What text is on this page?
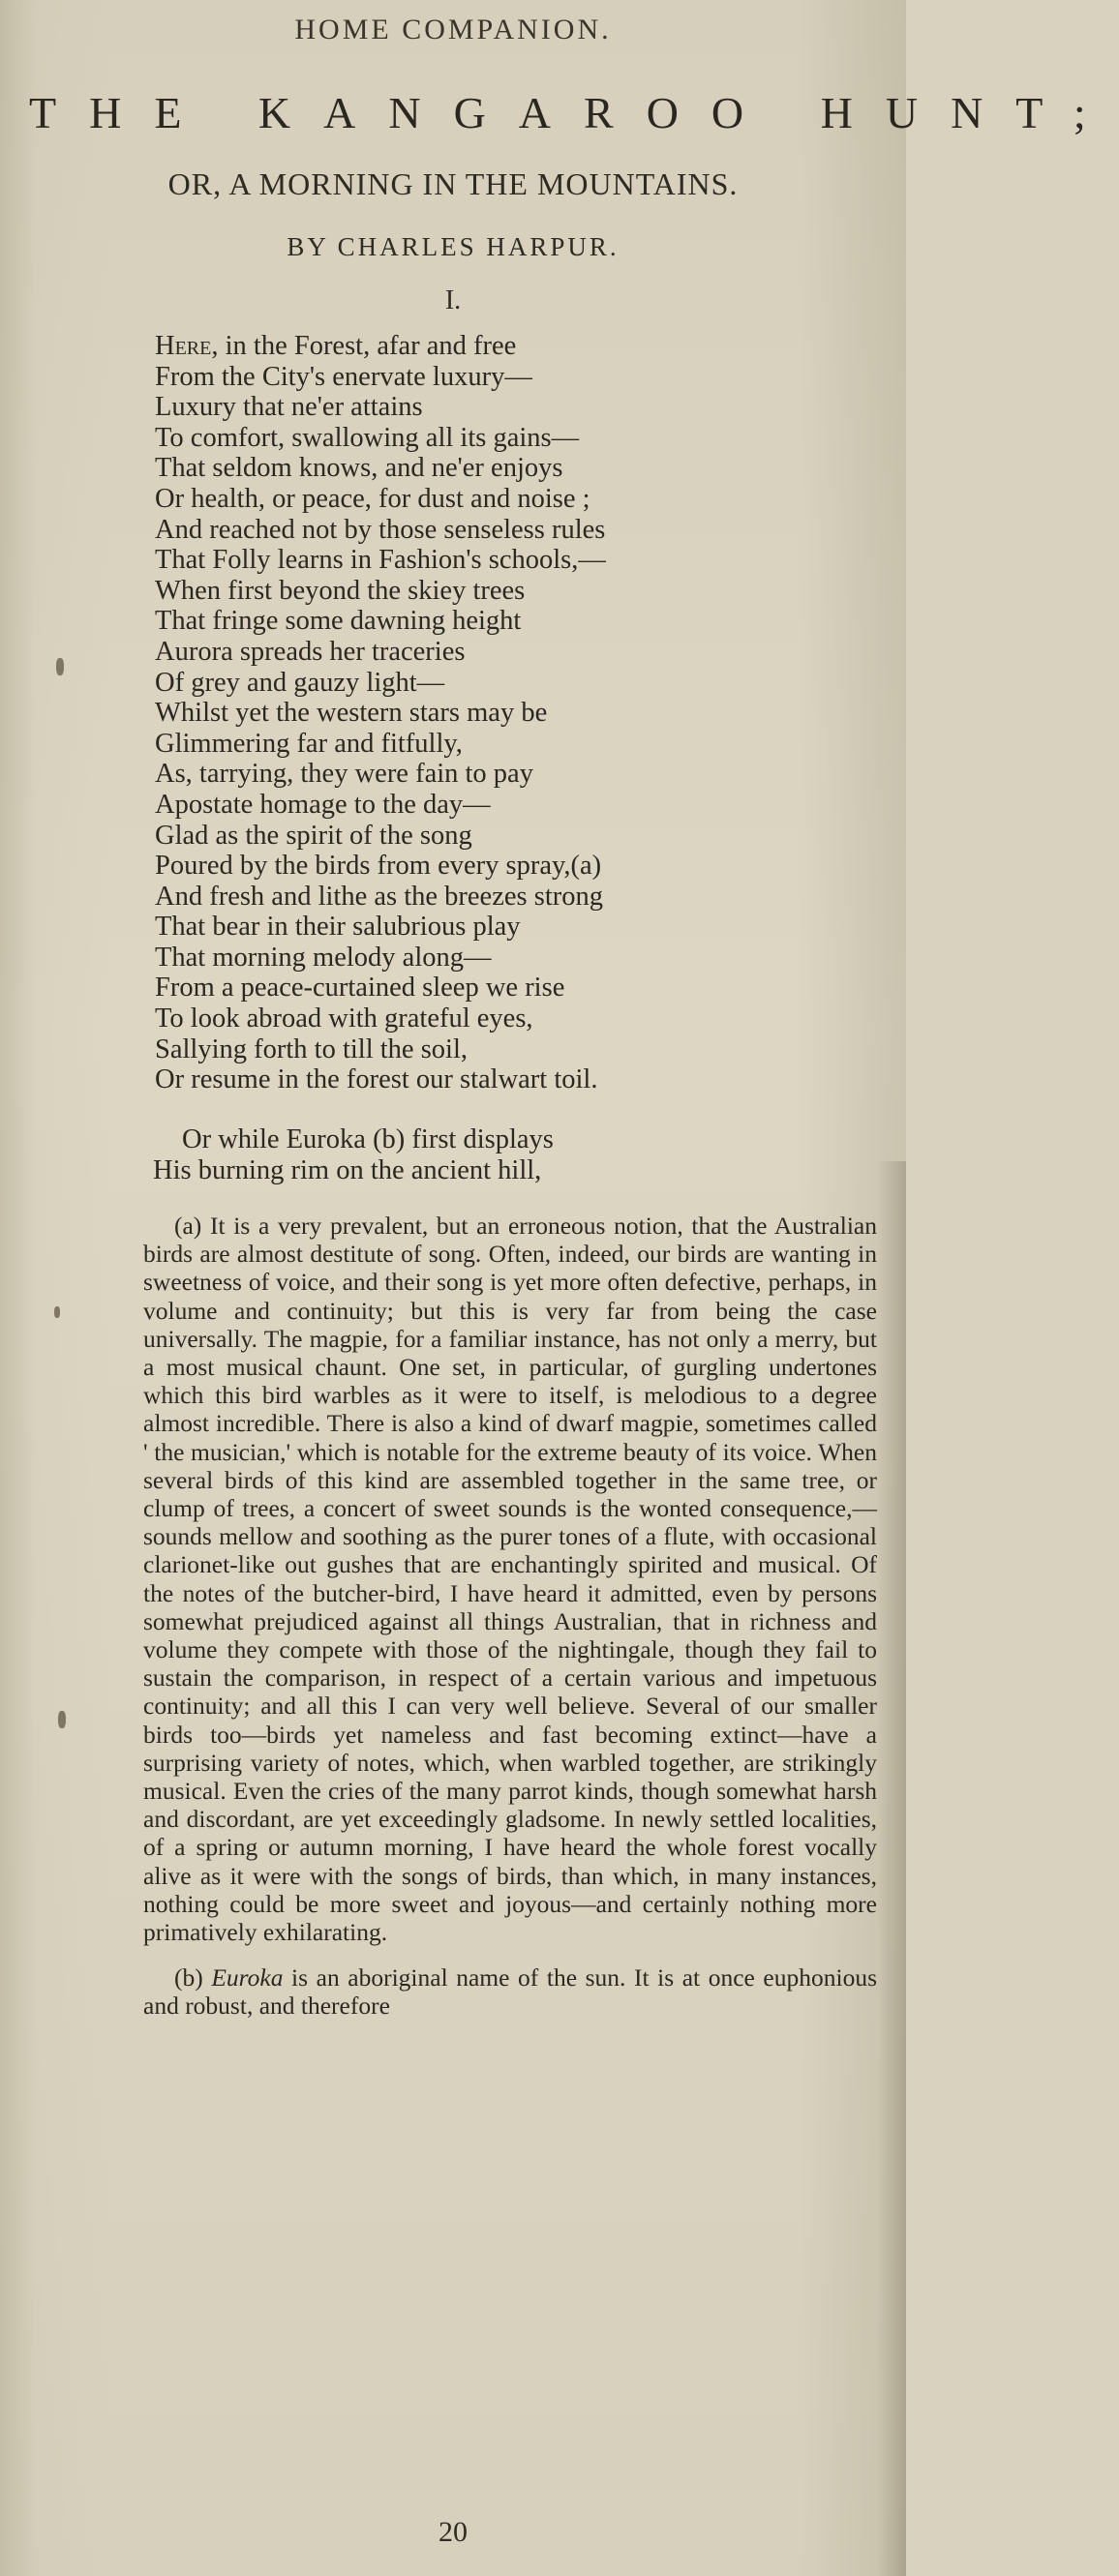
HOME COMPANION.
THE KANGAROO HUNT;
OR, A MORNING IN THE MOUNTAINS.
BY CHARLES HARPUR.
I.
Here, in the Forest, afar and free
From the City's enervate luxury—
Luxury that ne'er attains
To comfort, swallowing all its gains—
That seldom knows, and ne'er enjoys
Or health, or peace, for dust and noise ;
And reached not by those senseless rules
That Folly learns in Fashion's schools,—
When first beyond the skiey trees
That fringe some dawning height
Aurora spreads her traceries
Of grey and gauzy light—
Whilst yet the western stars may be
Glimmering far and fitfully,
As, tarrying, they were fain to pay
Apostate homage to the day—
Glad as the spirit of the song
Poured by the birds from every spray,(a)
And fresh and lithe as the breezes strong
That bear in their salubrious play
That morning melody along—
From a peace-curtained sleep we rise
To look abroad with grateful eyes,
Sallying forth to till the soil,
Or resume in the forest our stalwart toil.
Or while Euroka (b) first displays
His burning rim on the ancient hill,

(a) It is a very prevalent, but an erroneous notion, that the Australian birds are almost destitute of song. Often, indeed, our birds are wanting in sweetness of voice, and their song is yet more often defective, perhaps, in volume and continuity; but this is very far from being the case universally. The magpie, for a familiar instance, has not only a merry, but a most musical chaunt. One set, in particular, of gurgling undertones which this bird warbles as it were to itself, is melodious to a degree almost incredible. There is also a kind of dwarf magpie, sometimes called ' the musician,' which is notable for the extreme beauty of its voice. When several birds of this kind are assembled together in the same tree, or clump of trees, a concert of sweet sounds is the wonted consequence,—sounds mellow and soothing as the purer tones of a flute, with occasional clarionet-like out gushes that are enchantingly spirited and musical. Of the notes of the butcher-bird, I have heard it admitted, even by persons somewhat prejudiced against all things Australian, that in richness and volume they compete with those of the nightingale, though they fail to sustain the comparison, in respect of a certain various and impetuous continuity; and all this I can very well believe. Several of our smaller birds too—birds yet nameless and fast becoming extinct—have a surprising variety of notes, which, when warbled together, are strikingly musical. Even the cries of the many parrot kinds, though somewhat harsh and discordant, are yet exceedingly gladsome. In newly settled localities, of a spring or autumn morning, I have heard the whole forest vocally alive as it were with the songs of birds, than which, in many instances, nothing could be more sweet and joyous—and certainly nothing more primatively exhilarating.

(b) Euroka is an aboriginal name of the sun. It is at once euphonious and robust, and therefore

20
